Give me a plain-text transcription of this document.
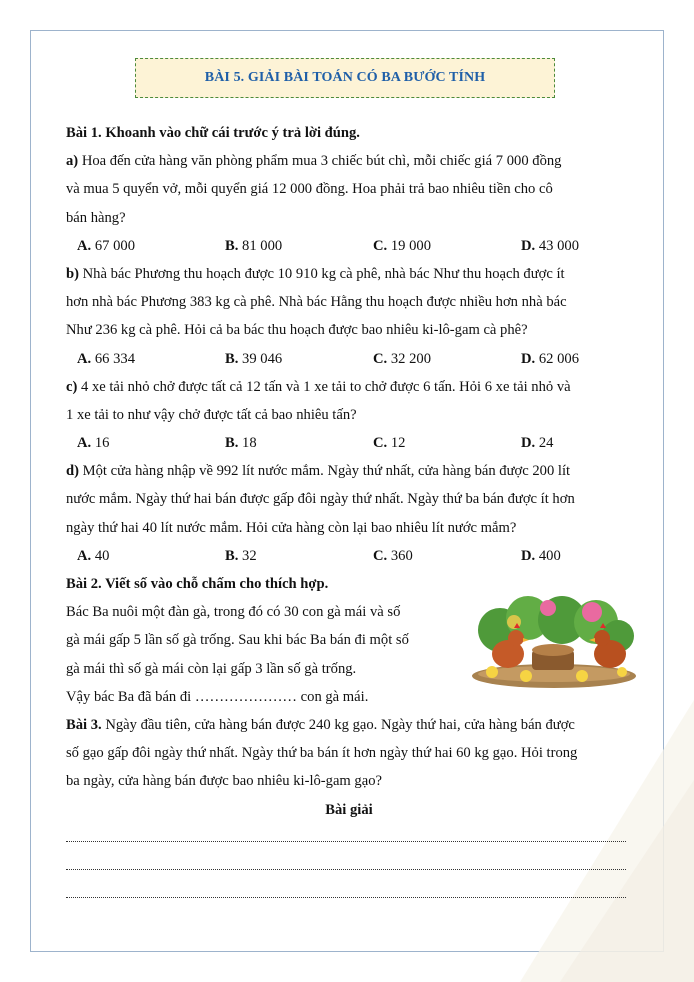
BÀI 5. GIẢI BÀI TOÁN CÓ BA BƯỚC TÍNH
Bài 1. Khoanh vào chữ cái trước ý trả lời đúng.
a) Hoa đến cửa hàng văn phòng phẩm mua 3 chiếc bút chì, mỗi chiếc giá 7 000 đồng
và mua 5 quyển vở, mỗi quyển giá 12 000 đồng. Hoa phải trả bao nhiêu tiền cho cô
bán hàng?
A. 67 000	B. 81 000	C. 19 000	D. 43 000
b) Nhà bác Phương thu hoạch được 10 910 kg cà phê, nhà bác Như thu hoạch được ít
hơn nhà bác Phương 383 kg cà phê. Nhà bác Hằng thu hoạch được nhiều hơn nhà bác
Như 236 kg cà phê. Hỏi cả ba bác thu hoạch được bao nhiêu ki-lô-gam cà phê?
A. 66 334	B. 39 046	C. 32 200	D. 62 006
c) 4 xe tải nhỏ chở được tất cả 12 tấn và 1 xe tải to chở được 6 tấn. Hỏi 6 xe tải nhỏ và
1 xe tải to như vậy chở được tất cả bao nhiêu tấn?
A. 16	B. 18	C. 12	D. 24
d) Một cửa hàng nhập về 992 lít nước mắm. Ngày thứ nhất, cửa hàng bán được 200 lít
nước mắm. Ngày thứ hai bán được gấp đôi ngày thứ nhất. Ngày thứ ba bán được ít hơn
ngày thứ hai 40 lít nước mắm. Hỏi cửa hàng còn lại bao nhiêu lít nước mắm?
A. 40	B. 32	C. 360	D. 400
Bài 2. Viết số vào chỗ chấm cho thích hợp.
Bác Ba nuôi một đàn gà, trong đó có 30 con gà mái và số
gà mái gấp 5 lần số gà trống. Sau khi bác Ba bán đi một số
gà mái thì số gà mái còn lại gấp 3 lần số gà trống.
Vậy bác Ba đã bán đi ………………… con gà mái.
Bài 3. Ngày đầu tiên, cửa hàng bán được 240 kg gạo. Ngày thứ hai, cửa hàng bán được
số gạo gấp đôi ngày thứ nhất. Ngày thứ ba bán ít hơn ngày thứ hai 60 kg gạo. Hỏi trong
ba ngày, cửa hàng bán được bao nhiêu ki-lô-gam gạo?
Bài giải
